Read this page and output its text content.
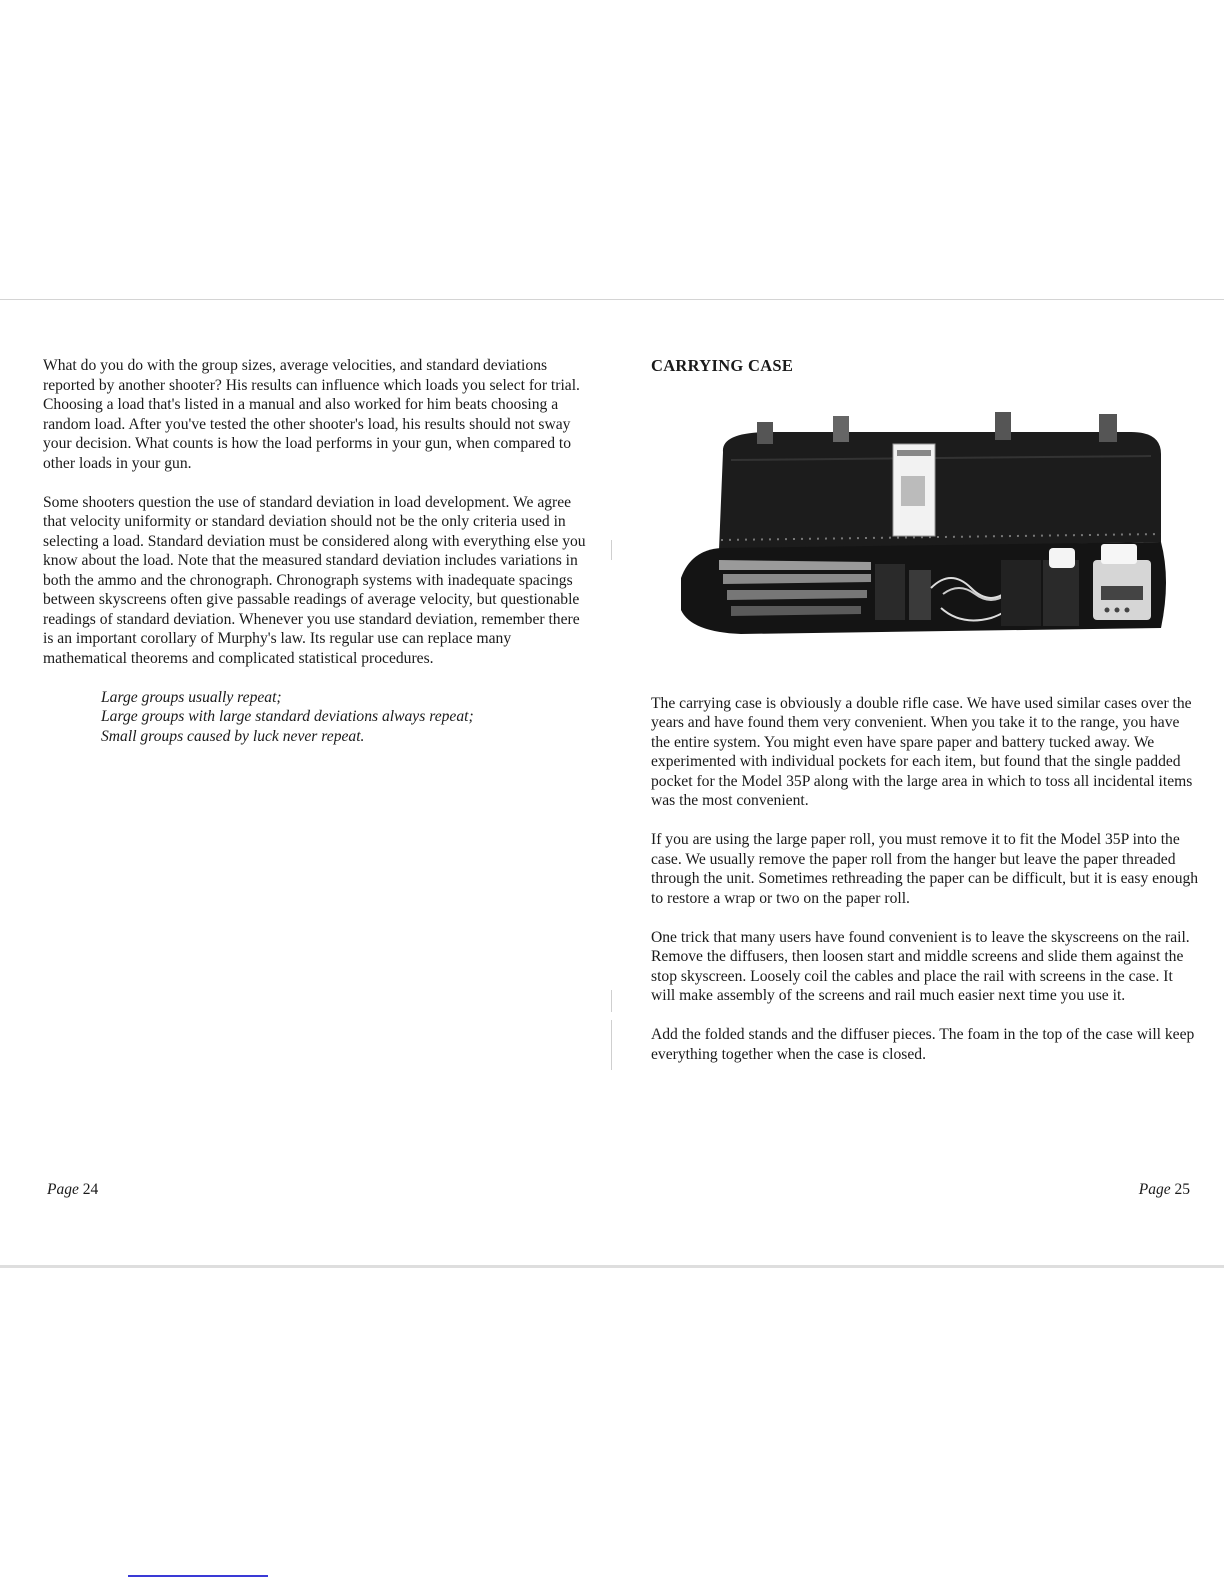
What do you do with the group sizes, average velocities, and standard deviations reported by another shooter? His results can influence which loads you select for trial. Choosing a load that's listed in a manual and also worked for him beats choosing a random load. After you've tested the other shooter's load, his results should not sway your decision. What counts is how the load performs in your gun, when compared to other loads in your gun.

Some shooters question the use of standard deviation in load development. We agree that velocity uniformity or standard deviation should not be the only criteria used in selecting a load. Standard deviation must be considered along with everything else you know about the load. Note that the measured standard deviation includes variations in both the ammo and the chronograph. Chronograph systems with inadequate spacings between skyscreens often give passable readings of average velocity, but questionable readings of standard deviation. Whenever you use standard deviation, remember there is an important corollary of Murphy's law. Its regular use can replace many mathematical theorems and complicated statistical procedures.

Large groups usually repeat;
Large groups with large standard deviations always repeat;
Small groups caused by luck never repeat.
Page 24
CARRYING CASE

The carrying case is obviously a double rifle case. We have used similar cases over the years and have found them very convenient. When you take it to the range, you have the entire system. You might even have spare paper and battery tucked away. We experimented with individual pockets for each item, but found that the single padded pocket for the Model 35P along with the large area in which to toss all incidental items was the most convenient.

If you are using the large paper roll, you must remove it to fit the Model 35P into the case. We usually remove the paper roll from the hanger but leave the paper threaded through the unit. Sometimes rethreading the paper can be difficult, but it is easy enough to restore a wrap or two on the paper roll.

One trick that many users have found convenient is to leave the skyscreens on the rail. Remove the diffusers, then loosen start and middle screens and slide them against the stop skyscreen. Loosely coil the cables and place the rail with screens in the case. It will make assembly of the screens and rail much easier next time you use it.

Add the folded stands and the diffuser pieces. The foam in the top of the case will keep everything together when the case is closed.

Page 25
